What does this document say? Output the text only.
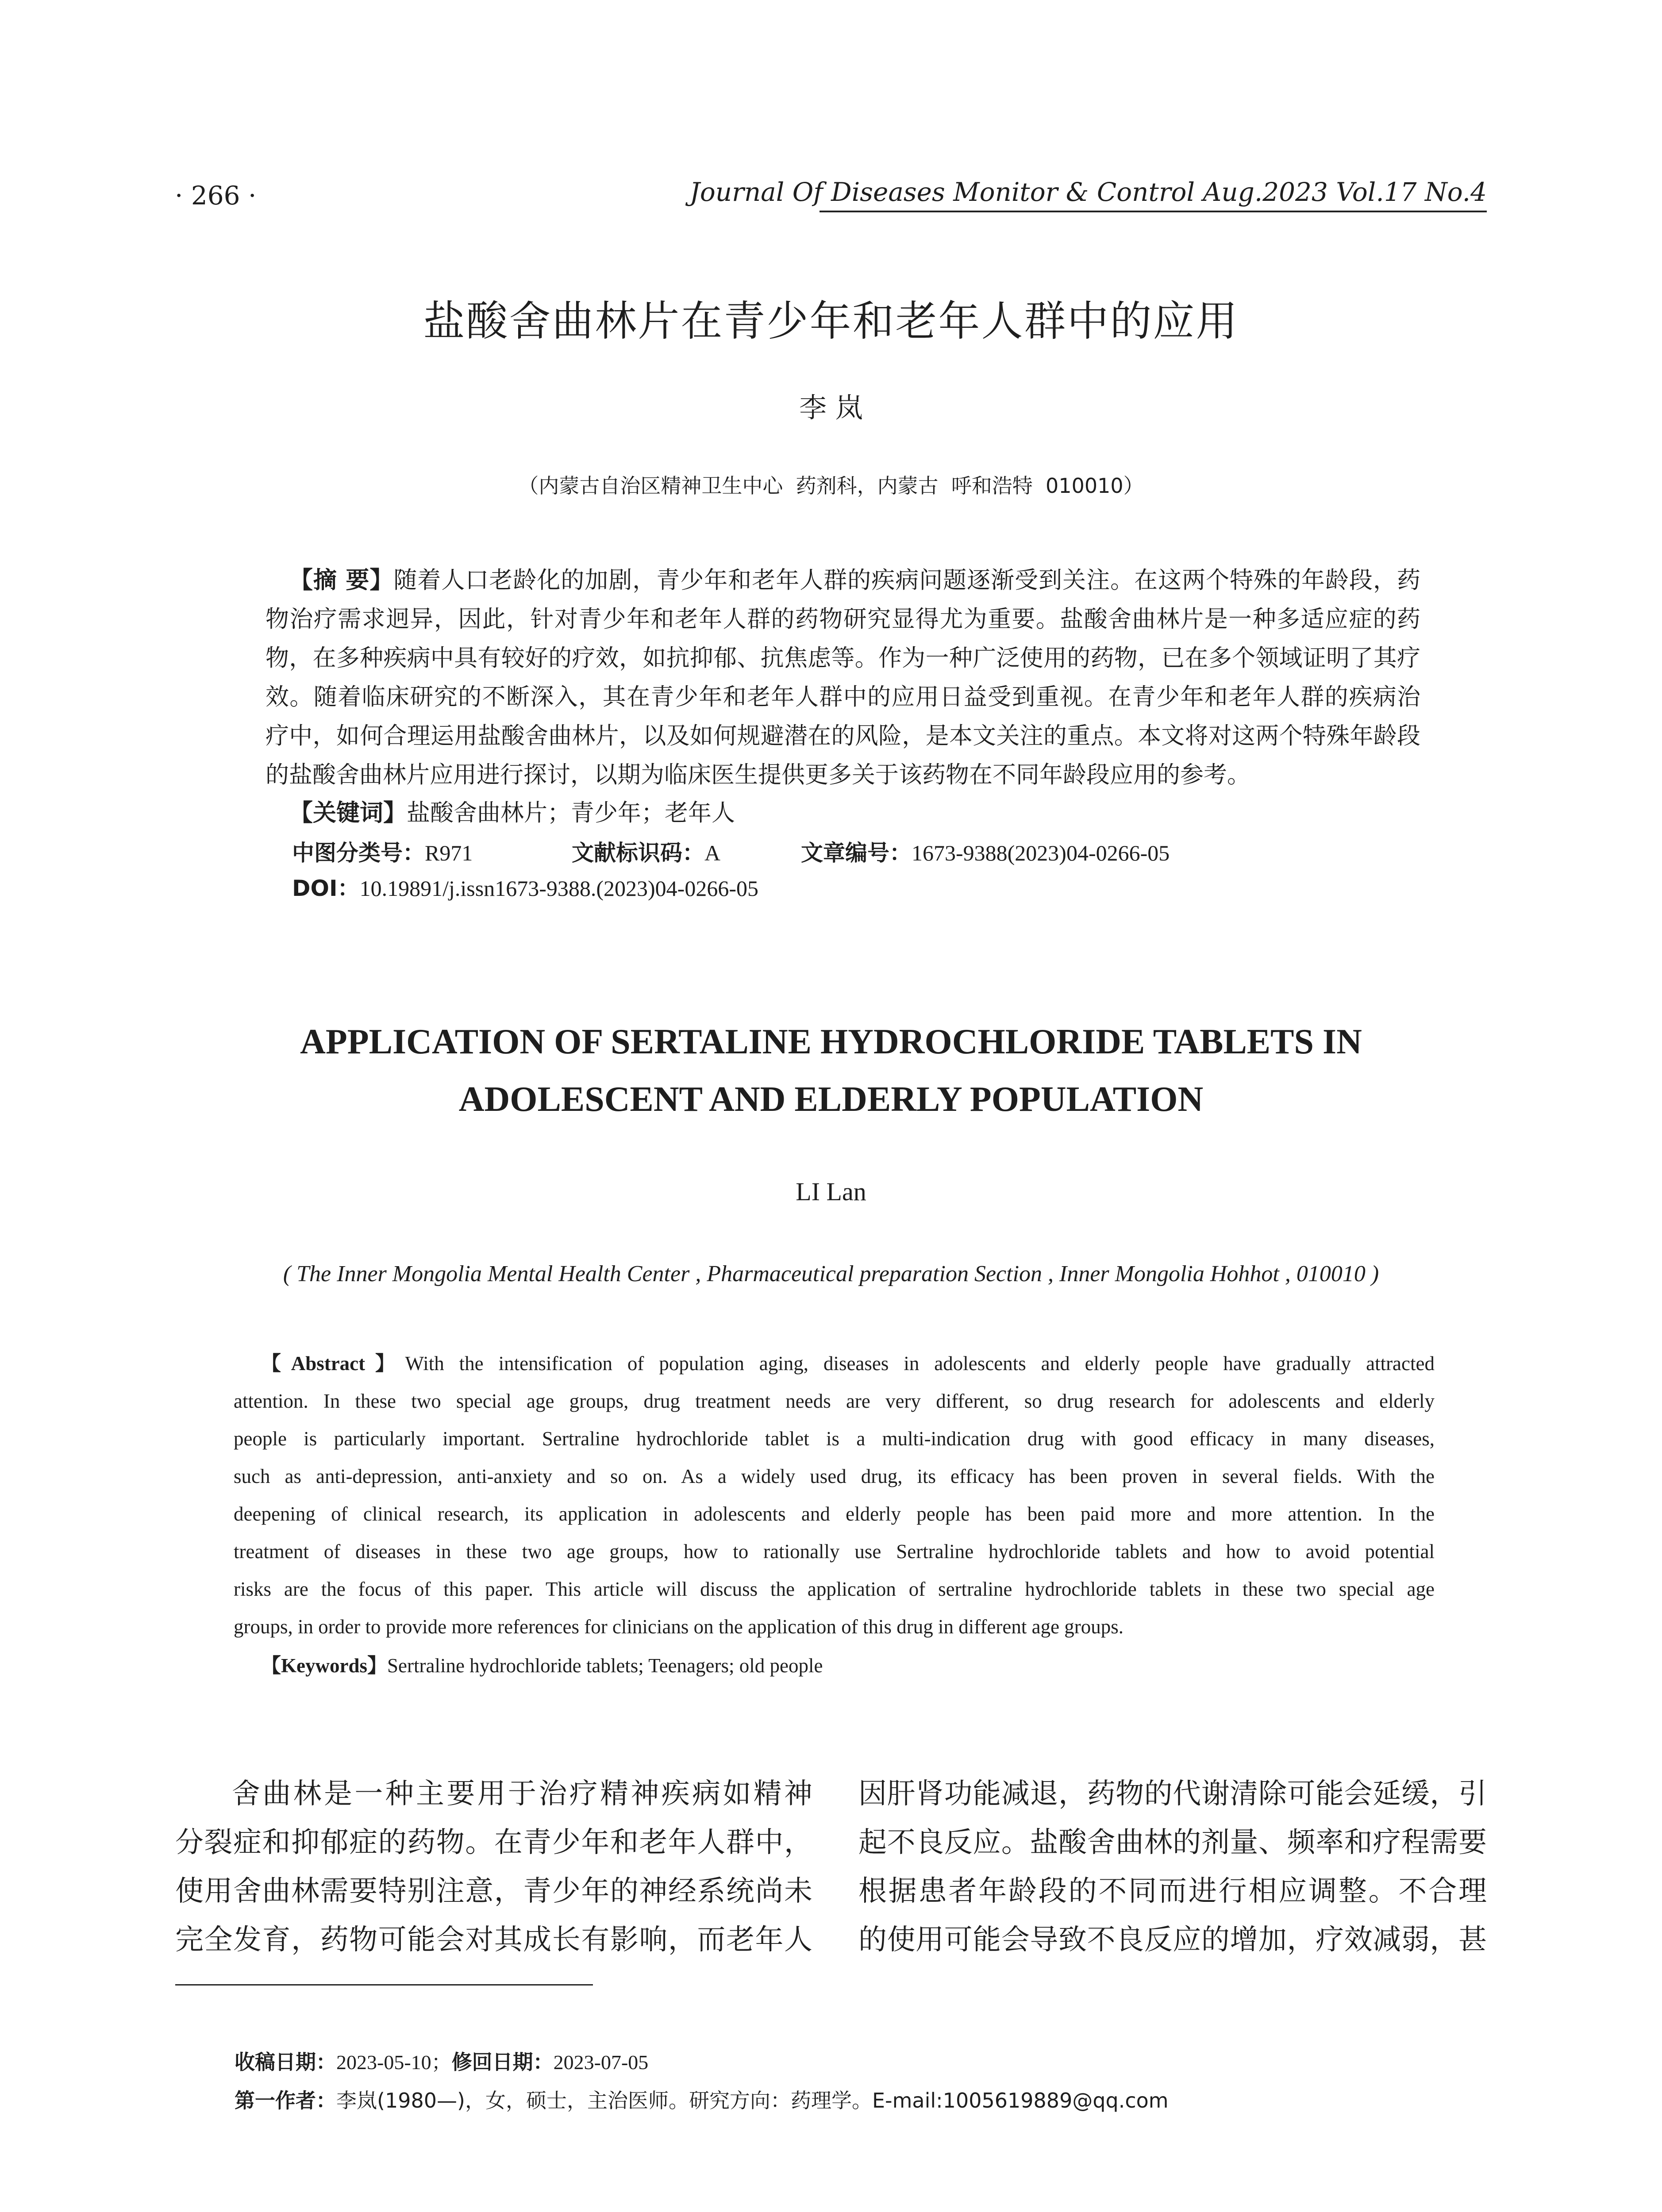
· 266 ·	Journal Of Diseases Monitor & Control Aug.2023 Vol.17 No.4
盐酸舍曲林片在青少年和老年人群中的应用
李 岚
（内蒙古自治区精神卫生中心  药剂科，内蒙古  呼和浩特  010010）
【摘 要】随着人口老龄化的加剧，青少年和老年人群的疾病问题逐渐受到关注。在这两个特殊的年龄段，药
物治疗需求迥异，因此，针对青少年和老年人群的药物研究显得尤为重要。盐酸舍曲林片是一种多适应症的药
物，在多种疾病中具有较好的疗效，如抗抑郁、抗焦虑等。作为一种广泛使用的药物，已在多个领域证明了其疗
效。随着临床研究的不断深入，其在青少年和老年人群中的应用日益受到重视。在青少年和老年人群的疾病治
疗中，如何合理运用盐酸舍曲林片，以及如何规避潜在的风险，是本文关注的重点。本文将对这两个特殊年龄段
的盐酸舍曲林片应用进行探讨，以期为临床医生提供更多关于该药物在不同年龄段应用的参考。
【关键词】盐酸舍曲林片；青少年；老年人
中图分类号：R971	文献标识码：A	文章编号：1673-9388(2023)04-0266-05
DOI：10.19891/j.issn1673-9388.(2023)04-0266-05
APPLICATION OF SERTALINE HYDROCHLORIDE TABLETS IN
ADOLESCENT AND ELDERLY POPULATION
LI Lan
( The Inner Mongolia Mental Health Center , Pharmaceutical preparation Section , Inner Mongolia Hohhot , 010010 )
【Abstract】With the intensification of population aging, diseases in adolescents and elderly people have gradually attracted
attention. In these two special age groups, drug treatment needs are very different, so drug research for adolescents and elderly
people is particularly important. Sertraline hydrochloride tablet is a multi-indication drug with good efficacy in many diseases,
such as anti-depression, anti-anxiety and so on. As a widely used drug, its efficacy has been proven in several fields. With the
deepening of clinical research, its application in adolescents and elderly people has been paid more and more attention. In the
treatment of diseases in these two age groups, how to rationally use Sertraline hydrochloride tablets and how to avoid potential
risks are the focus of this paper. This article will discuss the application of sertraline hydrochloride tablets in these two special age
groups, in order to provide more references for clinicians on the application of this drug in different age groups.
【Keywords】Sertraline hydrochloride tablets; Teenagers; old people
舍曲林是一种主要用于治疗精神疾病如精神
分裂症和抑郁症的药物。在青少年和老年人群中，
使用舍曲林需要特别注意，青少年的神经系统尚未
完全发育，药物可能会对其成长有影响，而老年人
因肝肾功能减退，药物的代谢清除可能会延缓，引
起不良反应。盐酸舍曲林的剂量、频率和疗程需要
根据患者年龄段的不同而进行相应调整。不合理
的使用可能会导致不良反应的增加，疗效减弱，甚
收稿日期：2023-05-10；修回日期：2023-07-05
第一作者：李岚(1980—)，女，硕士，主治医师。研究方向：药理学。E-mail:1005619889@qq.com
